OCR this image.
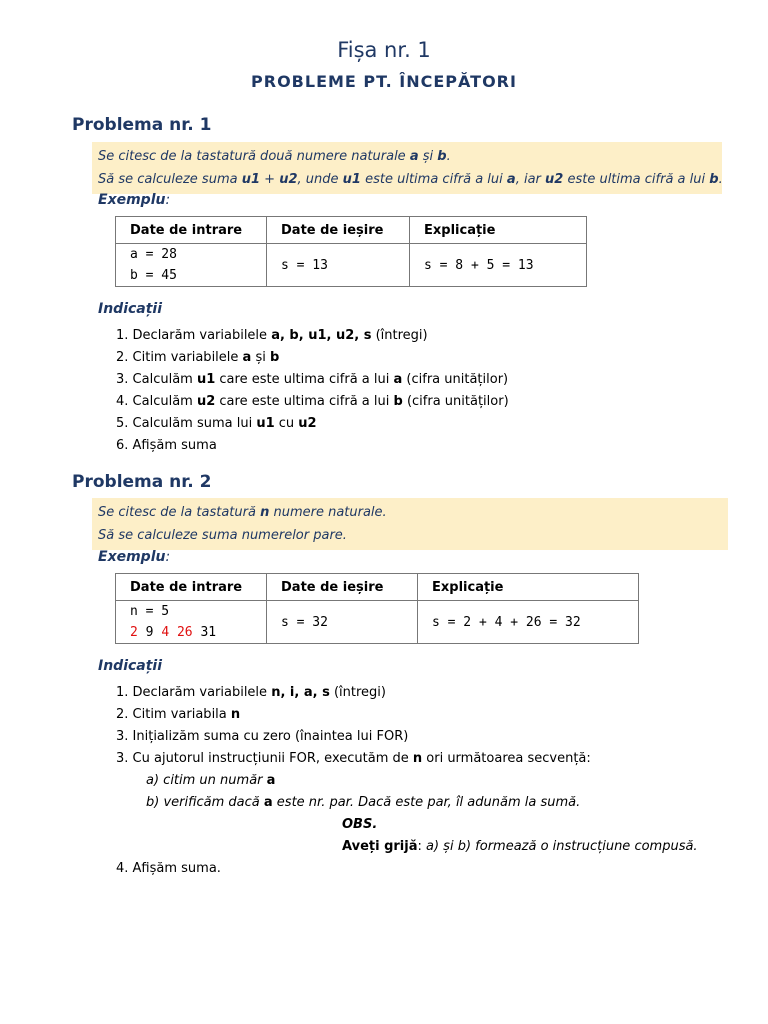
Fișa nr. 1
PROBLEME PT. ÎNCEPĂTORI
Problema nr. 1
Se citesc de la tastatură două numere naturale a și b.
Să se calculeze suma u1 + u2, unde u1 este ultima cifră a lui a, iar u2 este ultima cifră a lui b.
Exemplu:
Date de intrare	Date de ieșire	Explicație

a = 28
b = 45	s = 13	s = 8 + 5 = 13
Indicații
1. Declarăm variabilele a, b, u1, u2, s (întregi)
2. Citim variabilele a și b
3. Calculăm u1 care este ultima cifră a lui a (cifra unităților)
4. Calculăm u2 care este ultima cifră a lui b (cifra unităților)
5. Calculăm suma lui u1 cu u2
6. Afișăm suma
Problema nr. 2
Se citesc de la tastatură n numere naturale.
Să se calculeze suma numerelor pare.
Exemplu:
Date de intrare	Date de ieșire	Explicație

n = 5
2 9 4 26 31	s = 32	s = 2 + 4 + 26 = 32
Indicații
1. Declarăm variabilele n, i, a, s (întregi)
2. Citim variabila n
3. Inițializăm suma cu zero (înaintea lui FOR)
3. Cu ajutorul instrucțiunii FOR, executăm de n ori următoarea secvență:
a) citim un număr a
b) verificăm dacă a este nr. par. Dacă este par, îl adunăm la sumă.
OBS.
Aveți grijă: a) și b) formează o instrucțiune compusă.
4. Afișăm suma.
